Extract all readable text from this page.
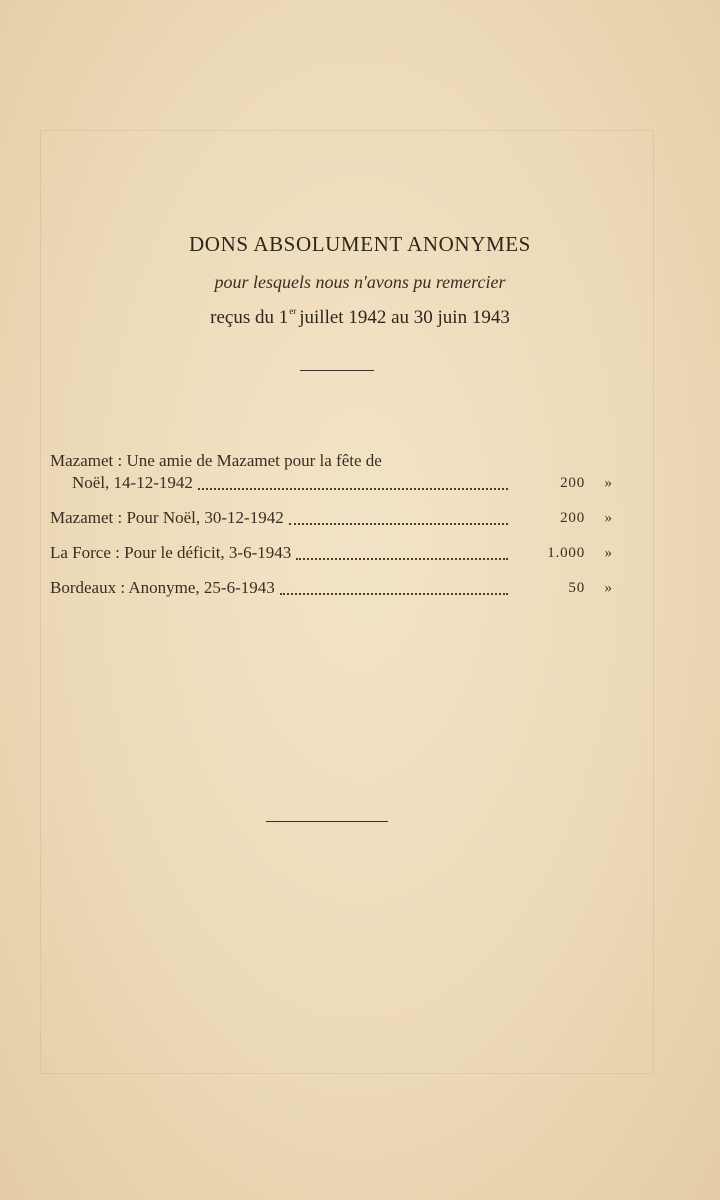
DONS ABSOLUMENT ANONYMES
pour lesquels nous n'avons pu remercier
reçus du 1er juillet 1942 au 30 juin 1943
Mazamet : Une amie de Mazamet pour la fête de
Noël, 14-12-1942	200	»
Mazamet : Pour Noël, 30-12-1942	200	»
La Force : Pour le déficit, 3-6-1943	1.000	»
Bordeaux : Anonyme, 25-6-1943	50	»
